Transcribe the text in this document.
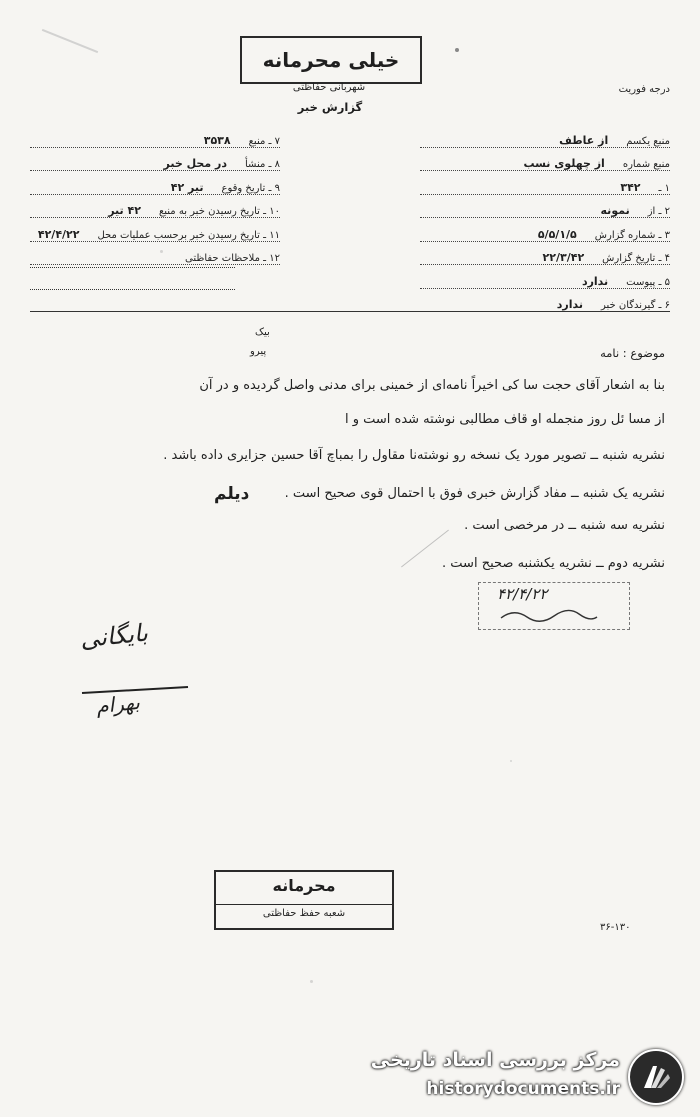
خیلی محرمانه
شهربانی حفاظتی
گزارش خبر
درجه فوریت
منبع یکسم
از عاطف
منبع شماره
از چهلوی نسب
۱ ـ
۳۴۲
۲ ـ از
نمونه
۳ ـ شماره گزارش
۵/۵/۱/۵
۴ ـ تاریخ گزارش
۲۲/۳/۴۲
۵ ـ پیوست
ندارد
۶ ـ گیرندگان خبر
ندارد
۷ ـ منبع
۳۵۳۸
۸ ـ منشأ
در محل خبر
۹ ـ تاریخ وقوع
تیر ۴۲
۱۰ ـ تاریخ رسیدن خبر به منبع
۴۲ تیر
۱۱ ـ تاریخ رسیدن خبر برحسب عملیات محل
۴۲/۴/۲۲
۱۲ ـ ملاحظات حفاظتی
موضوع : نامه
بیک
پیرو
بنا به اشعار آقای حجت سا کی اخیراً نامه‌ای از خمینی برای مدنی واصل گردیده و در آن
از مسا ئل روز منجمله او قاف مطالبی نوشته شده است و ا
نشریه شنبه ــ تصویر مورد یک نسخه رو نوشته‌نا مقاول را بمباچ آقا حسین جزایری داده باشد .
نشریه یک شنبه ــ مفاد گزارش خبری فوق با احتمال قوی صحیح است .
دیلم
نشریه سه شنبه ــ در مرخصی است .
نشریه دوم ــ نشریه یکشنبه صحیح است .
۴۲/۴/۲۲
بایگانی
بهرام
محرمانه
شعبه حفظ حفاظتی
۳۶-۱۳۰
مرکز بررسی اسناد تاریخی
historydocuments.ir
